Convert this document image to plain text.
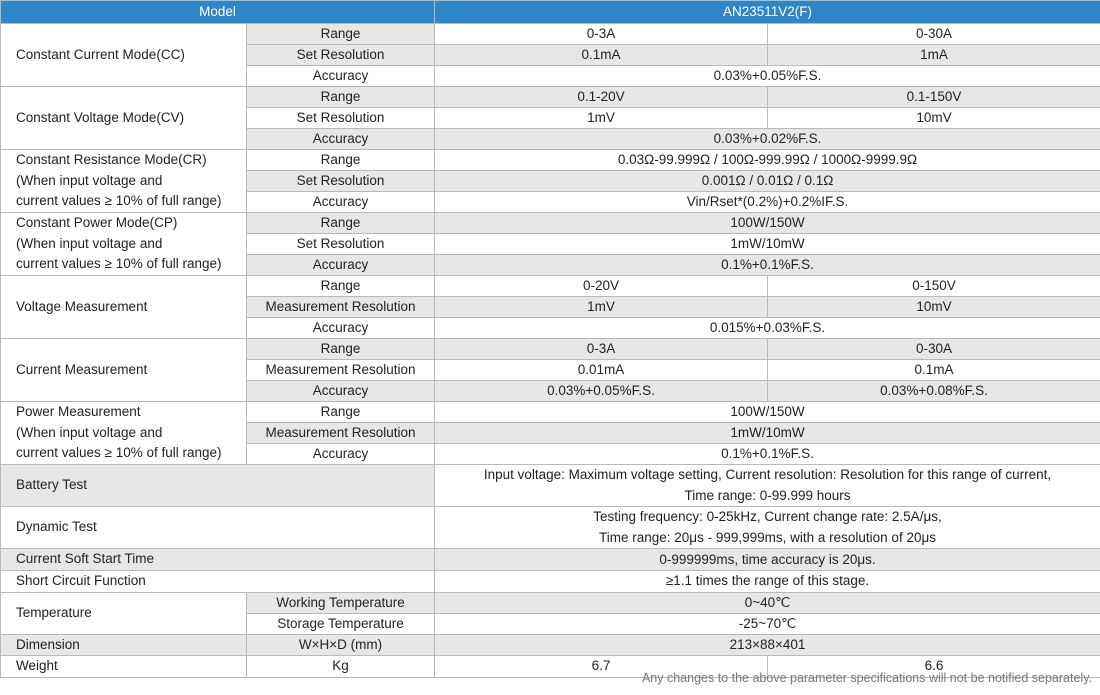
Model		AN23511V2(F)	
Constant Current Mode(CC)	Range	0-3A	0-30A
	Set Resolution	0.1mA	1mA
	Accuracy	0.03%+0.05%F.S.	
Constant Voltage Mode(CV)	Range	0.1-20V	0.1-150V
	Set Resolution	1mV	10mV
	Accuracy	0.03%+0.02%F.S.	
Constant Resistance Mode(CR)
(When input voltage and
current values ≥ 10% of full range)	Range	0.03Ω-99.999Ω / 100Ω-999.99Ω / 1000Ω-9999.9Ω	
	Set Resolution	0.001Ω / 0.01Ω / 0.1Ω	
	Accuracy	Vin/Rset*(0.2%)+0.2%IF.S.	
Constant Power Mode(CP)
(When input voltage and
current values ≥ 10% of full range)	Range	100W/150W	
	Set Resolution	1mW/10mW	
	Accuracy	0.1%+0.1%F.S.	
Voltage Measurement	Range	0-20V	0-150V
	Measurement Resolution	1mV	10mV
	Accuracy	0.015%+0.03%F.S.	
Current Measurement	Range	0-3A	0-30A
	Measurement Resolution	0.01mA	0.1mA
	Accuracy	0.03%+0.05%F.S.	0.03%+0.08%F.S.
Power Measurement
(When input voltage and
current values ≥ 10% of full range)	Range	100W/150W	
	Measurement Resolution	1mW/10mW	
	Accuracy	0.1%+0.1%F.S.	
Battery Test		Input voltage: Maximum voltage setting, Current resolution: Resolution for this range of current,
Time range: 0-99.999 hours	
Dynamic Test		Testing frequency: 0-25kHz, Current change rate: 2.5A/μs,
Time range: 20μs - 999,999ms, with a resolution of 20μs	
Current Soft Start Time		0-999999ms, time accuracy is 20μs.	
Short Circuit Function		≥1.1 times the range of this stage.	
Temperature	Working Temperature	0~40℃	
	Storage Temperature	-25~70℃	
Dimension	W×H×D (mm)	213×88×401	
Weight	Kg	6.7	6.6
Any changes to the above parameter specifications will not be notified separately.
